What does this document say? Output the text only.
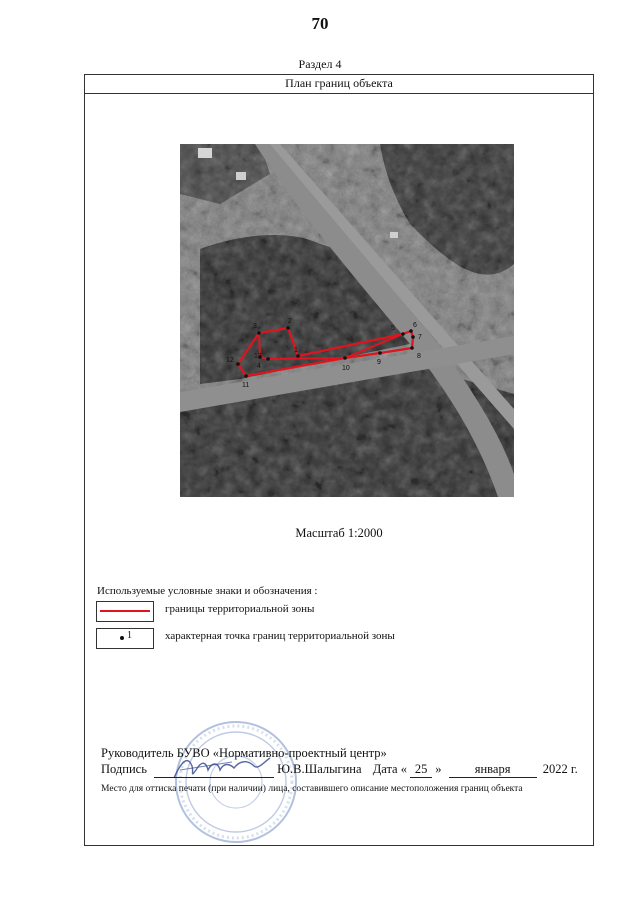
70
Раздел 4
План границ объекта
1
2
3
4
5	6
7
8
9
10
11
12
13
Масштаб 1:2000
Используемые условные знаки и обозначения :
границы территориальной зоны
1	характерная точка границ территориальной зоны
Руководитель БУВО «Нормативно-проектный центр»
Подпись	Ю.В.Шалыгина Дата « 25 »	января	2022 г.
Место для оттиска печати (при наличии) лица, составившего описание местоположения границ объекта
